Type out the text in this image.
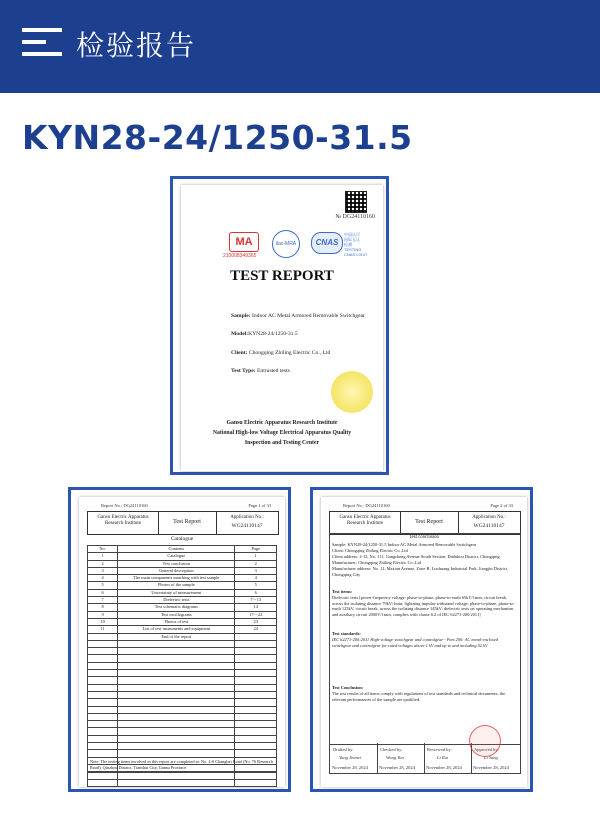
检验报告
KYN28-24/1250-31.5
№ DG24110160
MA
210008349365
ilac-MRA	CNAS
中国认可
国际互认
检测
TESTING
CNAS L0107
TEST REPORT
Sample: Indoor AC Metal Armored Removable Switchgear
Model:KYN28-24/1250-31.5
Client: Chongqing Zhiling Electric Co., Ltd
Test Type: Entrusted tests
Gansu Electric Apparatus Research Institute
National High-low Voltage Electrical Apparatus Quality
Inspection and Testing Center
Report No.: DG24110160	Page 1 of 33
Gansu Electric Apparatus Research Institute	Test Report
Application No.:
WG24110147
Catalogue
No.	Contents	Page
1	Catalogue	1
2	Test conclusion	2
3	General description	3
4	The main components matching with test sample	4
5	Photos of the sample	5
6	Uncertainty of measurement	6
7	Dielectric tests	7～13
8	Test schematic diagrams	14
9	Test oscillograms	17～22
10	Photos of test	23
11	List of test instruments and equipment	24
	End of the report	

Note: The testing items involved in this report are completed at: No. 4-6 Changbei Road (No. 76 Research Road), Qinzhou District, Tianshui City, Gansu Province.
Report No.: DG24110160	Page 2 of 33
Gansu Electric Apparatus Research Institute	Test Report
Application No.:
WG24110147
Test conclusion
Sample: KYN28-24/1250-31.5 Indoor AC Metal Armored Removable Switchgear
Client: Chongqing Zhiling Electric Co.,Ltd
Client address: 2-12, No. 111, Gangcheng Avenue South Section, Dadukou District, Chongqing
Manufacturer: Chongqing Zhiling Electric Co.,Ltd
Manufacturer address: No. 12, Maxian Avenue, Zone B, Luohuang Industrial Park, Jiangjin District, Chongqing City
Test items:
Dielectric tests [power-frequency voltage: phase-to-phase, phase-to-earth 65kV/1min, circuit break, across the isolating distance 79kV/1min; lightning impulse withstand voltage: phase-to-phase, phase-to-earth 125kV, circuit break, across the isolating distance 145kV; dielectric tests on operating mechanism and auxiliary circuit 2000V/1min, complies with clause 6.2 of IEC 62271-200:2011]
Test standards:
IEC 62271-200:2011 High-voltage switchgear and controlgear - Part 200: AC metal-enclosed switchgear and controlgear for rated voltages above 1 kV and up to and including 52 kV
Test Conclusion:
The test results of all items comply with regulations of test standards and technical documents; the relevant performances of the sample are qualified.
Drafted by:	Checked by:	Reviewed by:	Approved by:
Yang Jinmei	Wang Yun	Li Rui	Li Yang
November 28, 2024 November 28, 2024 November 28, 2024 November 28, 2024
